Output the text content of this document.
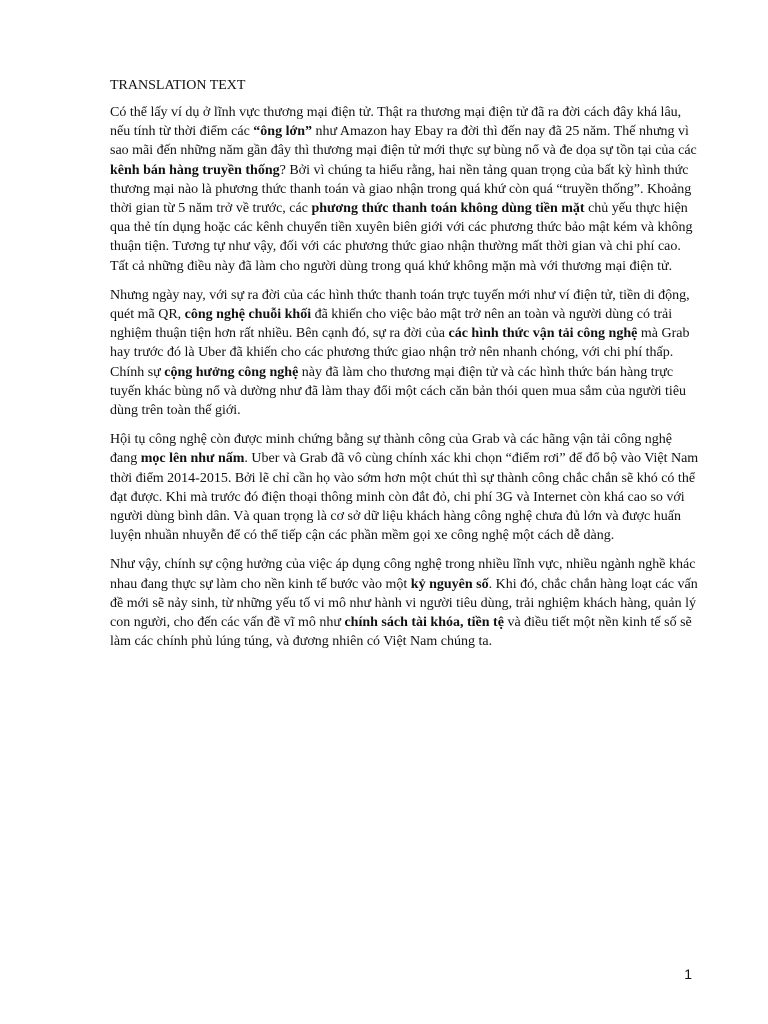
TRANSLATION TEXT

Có thể lấy ví dụ ở lĩnh vực thương mại điện tử. Thật ra thương mại điện tử đã ra đời cách đây khá lâu, nếu tính từ thời điểm các “ông lớn” như Amazon hay Ebay ra đời thì đến nay đã 25 năm. Thế nhưng vì sao mãi đến những năm gần đây thì thương mại điện tử mới thực sự bùng nổ và đe dọa sự tồn tại của các kênh bán hàng truyền thống? Bởi vì chúng ta hiểu rằng, hai nền tảng quan trọng của bất kỳ hình thức thương mại nào là phương thức thanh toán và giao nhận trong quá khứ còn quá “truyền thống”. Khoảng thời gian từ 5 năm trở về trước, các phương thức thanh toán không dùng tiền mặt chủ yếu thực hiện qua thẻ tín dụng hoặc các kênh chuyển tiền xuyên biên giới với các phương thức bảo mật kém và không thuận tiện. Tương tự như vậy, đối với các phương thức giao nhận thường mất thời gian và chi phí cao. Tất cả những điều này đã làm cho người dùng trong quá khứ không mặn mà với thương mại điện tử.

Nhưng ngày nay, với sự ra đời của các hình thức thanh toán trực tuyến mới như ví điện tử, tiền di động, quét mã QR, công nghệ chuỗi khối đã khiến cho việc bảo mật trở nên an toàn và người dùng có trải nghiệm thuận tiện hơn rất nhiều. Bên cạnh đó, sự ra đời của các hình thức vận tải công nghệ mà Grab hay trước đó là Uber đã khiến cho các phương thức giao nhận trở nên nhanh chóng, với chi phí thấp. Chính sự cộng hưởng công nghệ này đã làm cho thương mại điện tử và các hình thức bán hàng trực tuyến khác bùng nổ và dường như đã làm thay đổi một cách căn bản thói quen mua sắm của người tiêu dùng trên toàn thế giới.

Hội tụ công nghệ còn được minh chứng bằng sự thành công của Grab và các hãng vận tải công nghệ đang mọc lên như nấm. Uber và Grab đã vô cùng chính xác khi chọn “điểm rơi” để đổ bộ vào Việt Nam thời điểm 2014-2015. Bởi lẽ chỉ cần họ vào sớm hơn một chút thì sự thành công chắc chắn sẽ khó có thể đạt được. Khi mà trước đó điện thoại thông minh còn đắt đỏ, chi phí 3G và Internet còn khá cao so với người dùng bình dân. Và quan trọng là cơ sở dữ liệu khách hàng công nghệ chưa đủ lớn và được huấn luyện nhuần nhuyễn để có thể tiếp cận các phần mềm gọi xe công nghệ một cách dễ dàng.

Như vậy, chính sự cộng hưởng của việc áp dụng công nghệ trong nhiều lĩnh vực, nhiều ngành nghề khác nhau đang thực sự làm cho nền kinh tế bước vào một kỷ nguyên số. Khi đó, chắc chắn hàng loạt các vấn đề mới sẽ nảy sinh, từ những yếu tố vi mô như hành vi người tiêu dùng, trải nghiệm khách hàng, quản lý con người, cho đến các vấn đề vĩ mô như chính sách tài khóa, tiền tệ và điều tiết một nền kinh tế số sẽ làm các chính phủ lúng túng, và đương nhiên có Việt Nam chúng ta.

1
